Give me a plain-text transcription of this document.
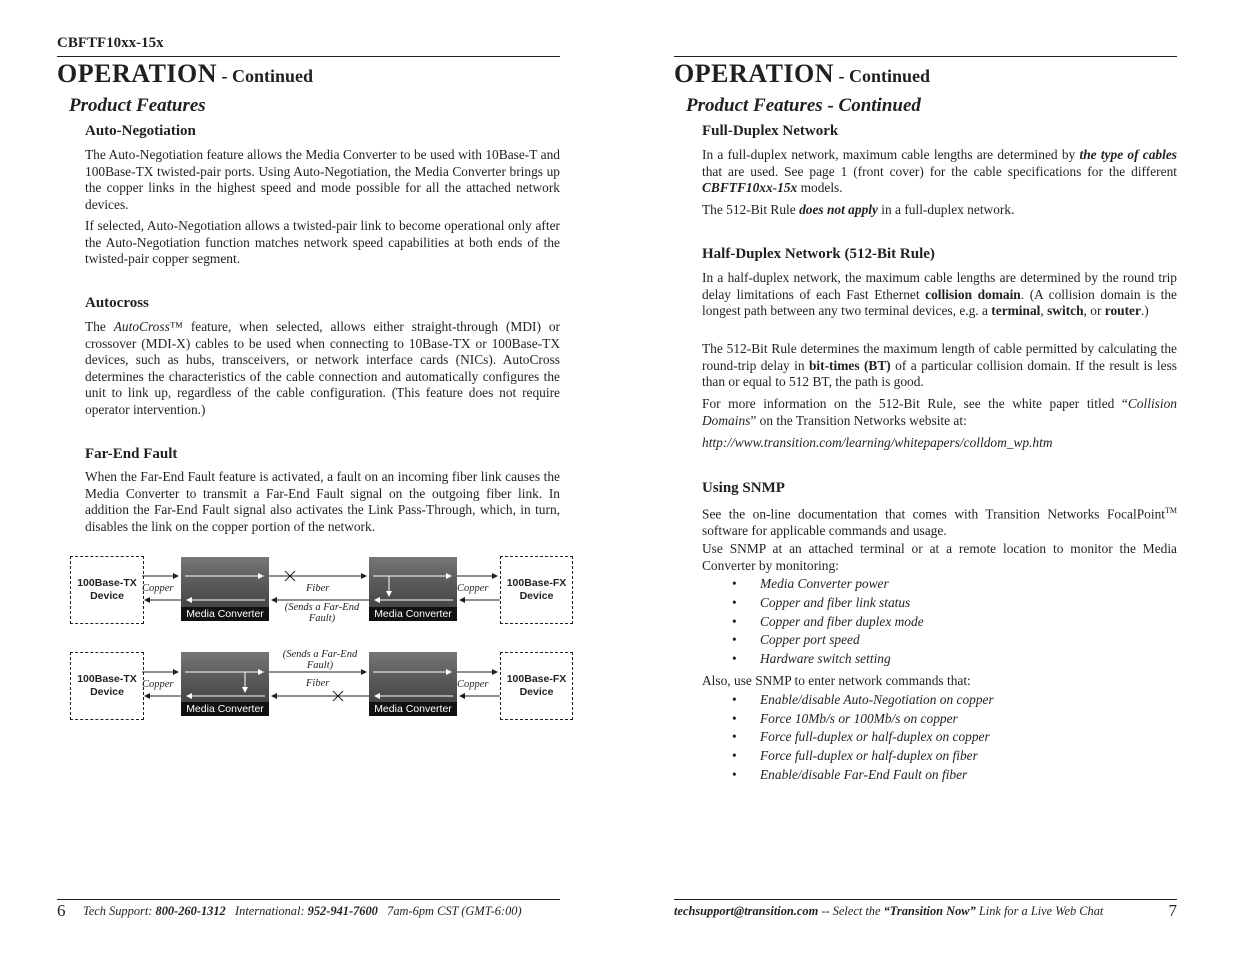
CBFTF10xx-15x
OPERATION - Continued
Product Features
Auto-Negotiation
The Auto-Negotiation feature allows the Media Converter to be used with 10Base-T and 100Base-TX twisted-pair ports. Using Auto-Negotiation, the Media Converter brings up the copper links in the highest speed and mode possible for all the attached network devices.
If selected, Auto-Negotiation allows a twisted-pair link to become operational only after the Auto-Negotiation function matches network speed capabilities at both ends of the twisted-pair copper segment.
Autocross
The AutoCross™ feature, when selected, allows either straight-through (MDI) or crossover (MDI-X) cables to be used when connecting to 10Base-TX or 100Base-TX devices, such as hubs, transceivers, or network interface cards (NICs). AutoCross determines the characteristics of the cable connection and automatically configures the unit to link up, regardless of the cable configuration. (This feature does not require operator intervention.)
Far-End Fault
When the Far-End Fault feature is activated, a fault on an incoming fiber link causes the Media Converter to transmit a Far-End Fault signal on the outgoing fiber link. In addition the Far-End Fault signal also activates the Link Pass-Through, which, in turn, disables the link on the copper portion of the network.
100Base-TX Device
Media Converter	Media Converter
100Base-FX Device
Copper	Fiber
(Sends a Far-End Fault)
Copper
100Base-TX Device
Media Converter	Media Converter
100Base-FX Device
Copper
(Sends a Far-End Fault)
Fiber	Copper
6 Tech Support: 800-260-1312   International: 952-941-7600   7am-6pm CST (GMT-6:00)
OPERATION - Continued
Product Features - Continued
Full-Duplex Network
In a full-duplex network, maximum cable lengths are determined by the type of cables that are used. See page 1 (front cover) for the cable specifications for the different CBFTF10xx-15x models.
The 512-Bit Rule does not apply in a full-duplex network.
Half-Duplex Network (512-Bit Rule)
In a half-duplex network, the maximum cable lengths are determined by the round trip delay limitations of each Fast Ethernet collision domain. (A collision domain is the longest path between any two terminal devices, e.g. a terminal, switch, or router.)
The 512-Bit Rule determines the maximum length of cable permitted by calculating the round-trip delay in bit-times (BT) of a particular collision domain. If the result is less than or equal to 512 BT, the path is good.
For more information on the 512-Bit Rule, see the white paper titled “Collision Domains” on the Transition Networks website at:
http://www.transition.com/learning/whitepapers/colldom_wp.htm
Using SNMP
See the on-line documentation that comes with Transition Networks FocalPoint™ software for applicable commands and usage.
Use SNMP at an attached terminal or at a remote location to monitor the Media Converter by monitoring:
• Media Converter power
• Copper and fiber link status
• Copper and fiber duplex mode
• Copper port speed
• Hardware switch setting
Also, use SNMP to enter network commands that:
• Enable/disable Auto-Negotiation on copper
• Force 10Mb/s or 100Mb/s on copper
• Force full-duplex or half-duplex on copper
• Force full-duplex or half-duplex on fiber
• Enable/disable Far-End Fault on fiber
techsupport@transition.com -- Select the “Transition Now” Link for a Live Web Chat	7
